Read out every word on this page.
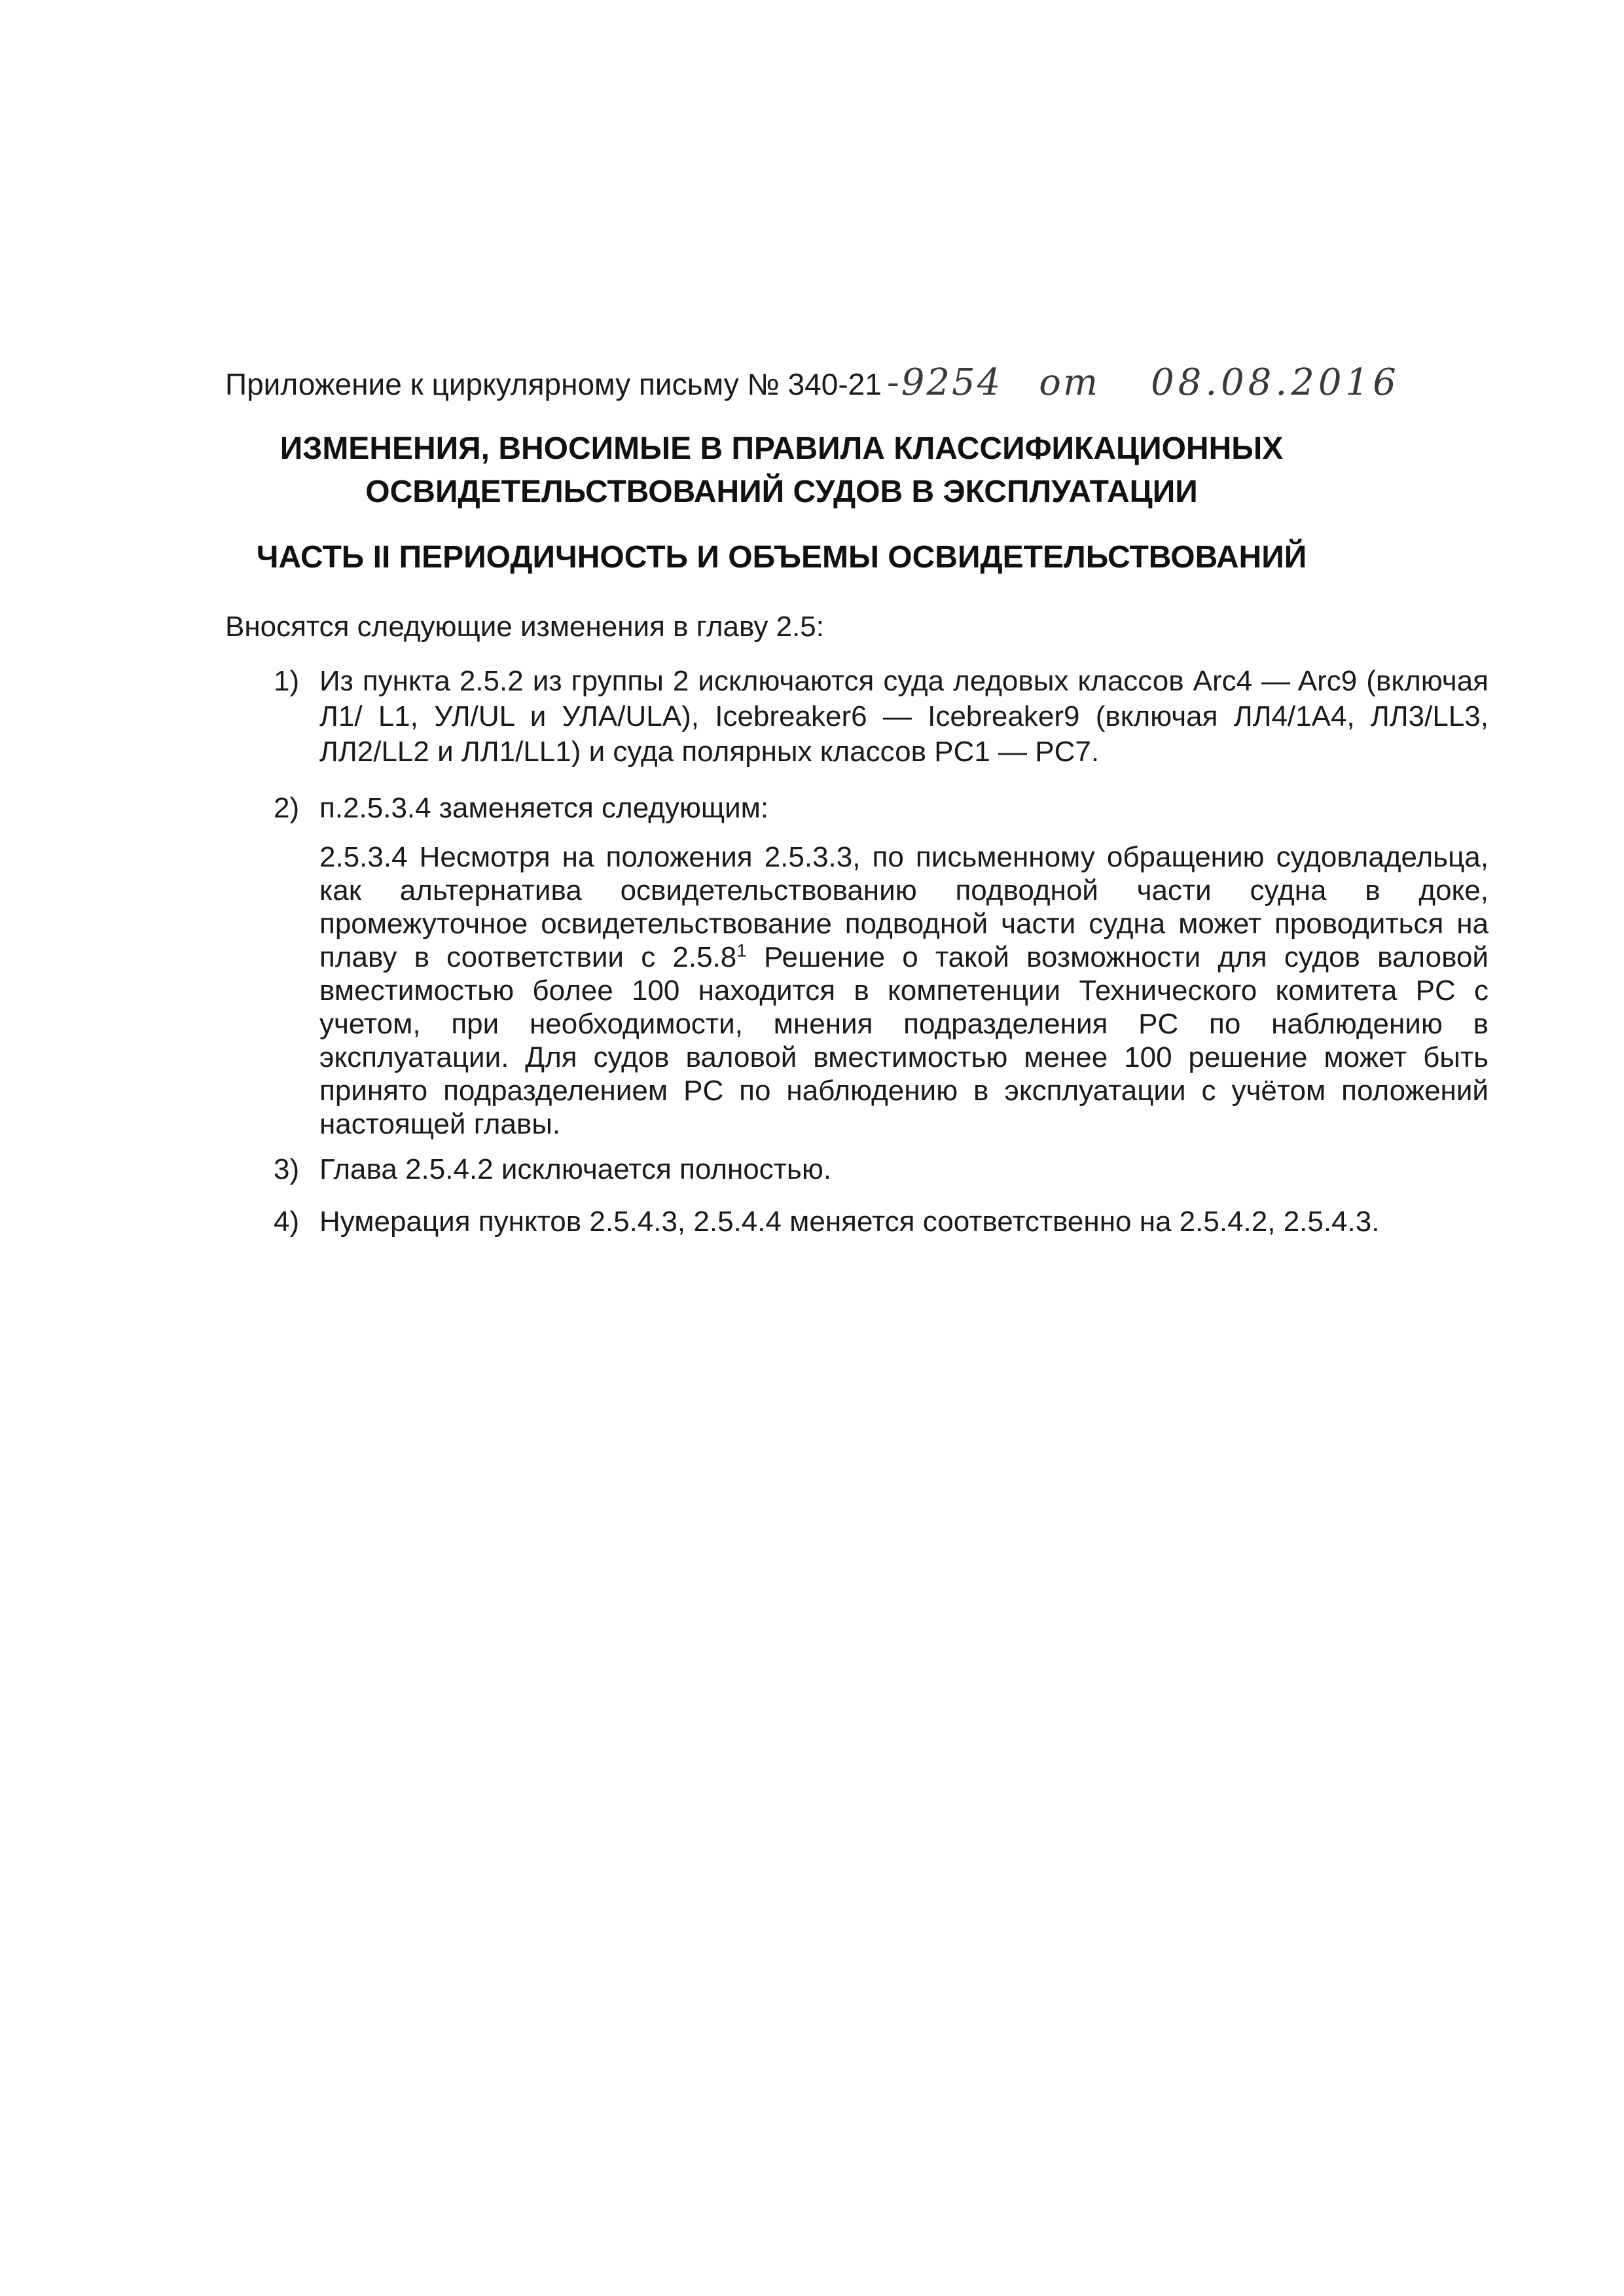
Приложение к циркулярному письму № 340-21 -9254 от 08.08.2016
ИЗМЕНЕНИЯ, ВНОСИМЫЕ В ПРАВИЛА КЛАССИФИКАЦИОННЫХ
ОСВИДЕТЕЛЬСТВОВАНИЙ СУДОВ В ЭКСПЛУАТАЦИИ
ЧАСТЬ II ПЕРИОДИЧНОСТЬ И ОБЪЕМЫ ОСВИДЕТЕЛЬСТВОВАНИЙ
Вносятся следующие изменения в главу 2.5:
1) Из пункта 2.5.2 из группы 2 исключаются суда ледовых классов Arc4 — Arc9 (включая Л1/ L1, УЛ/UL и УЛА/ULA), Icebreaker6 — Icebreaker9 (включая ЛЛ4/1А4, ЛЛ3/LL3, ЛЛ2/LL2 и ЛЛ1/LL1) и суда полярных классов PC1 — PC7.
2) п.2.5.3.4 заменяется следующим:
2.5.3.4 Несмотря на положения 2.5.3.3, по письменному обращению судовладельца, как альтернатива освидетельствованию подводной части судна в доке, промежуточное освидетельствование подводной части судна может проводиться на плаву в соответствии с 2.5.8$^1$ Решение о такой возможности для судов валовой вместимостью более 100 находится в компетенции Технического комитета PC с учетом, при необходимости, мнения подразделения PC по наблюдению в эксплуатации. Для судов валовой вместимостью менее 100 решение может быть принято подразделением PC по наблюдению в эксплуатации с учётом положений настоящей главы.
3) Глава 2.5.4.2 исключается полностью.
4) Нумерация пунктов 2.5.4.3, 2.5.4.4 меняется соответственно на 2.5.4.2, 2.5.4.3.
